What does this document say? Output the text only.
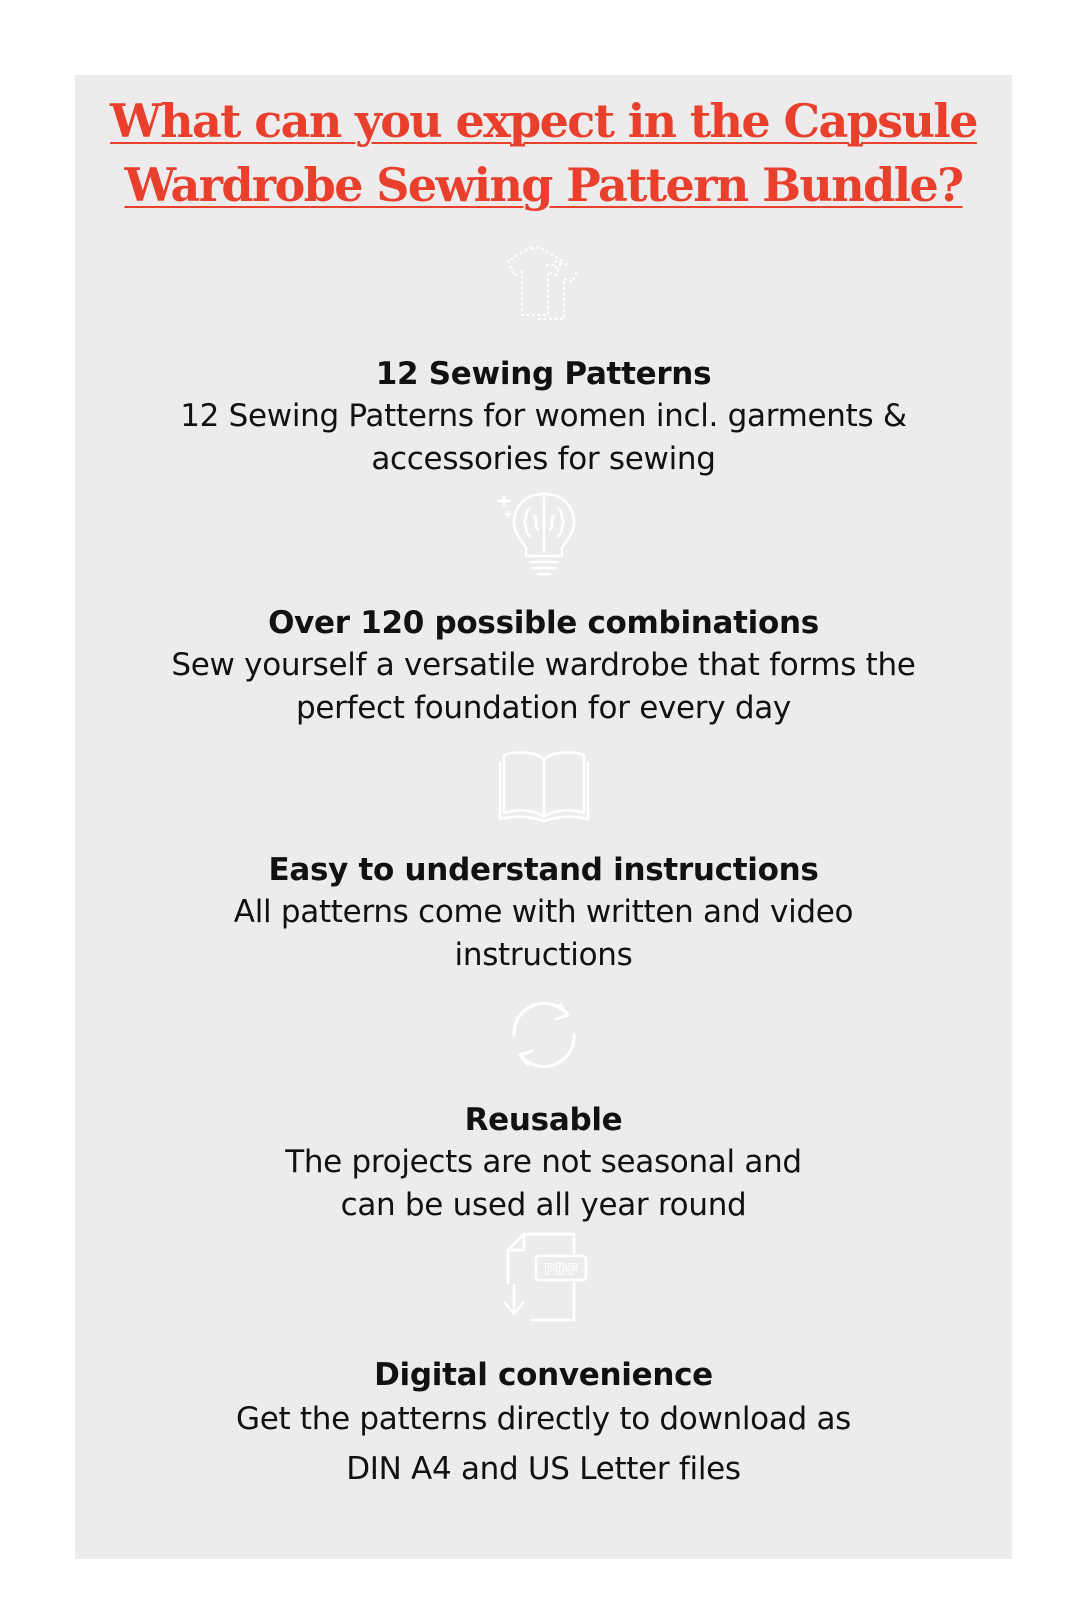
What can you expect in the Capsule Wardrobe Sewing Pattern Bundle?
12 Sewing Patterns

12 Sewing Patterns for women incl. garments & accessories for sewing

Over 120 possible combinations

Sew yourself a versatile wardrobe that forms the perfect foundation for every day

Easy to understand instructions

All patterns come with written and video instructions

Reusable

The projects are not seasonal and can be used all year round

PDF
Digital convenience

Get the patterns directly to download as DIN A4 and US Letter files
